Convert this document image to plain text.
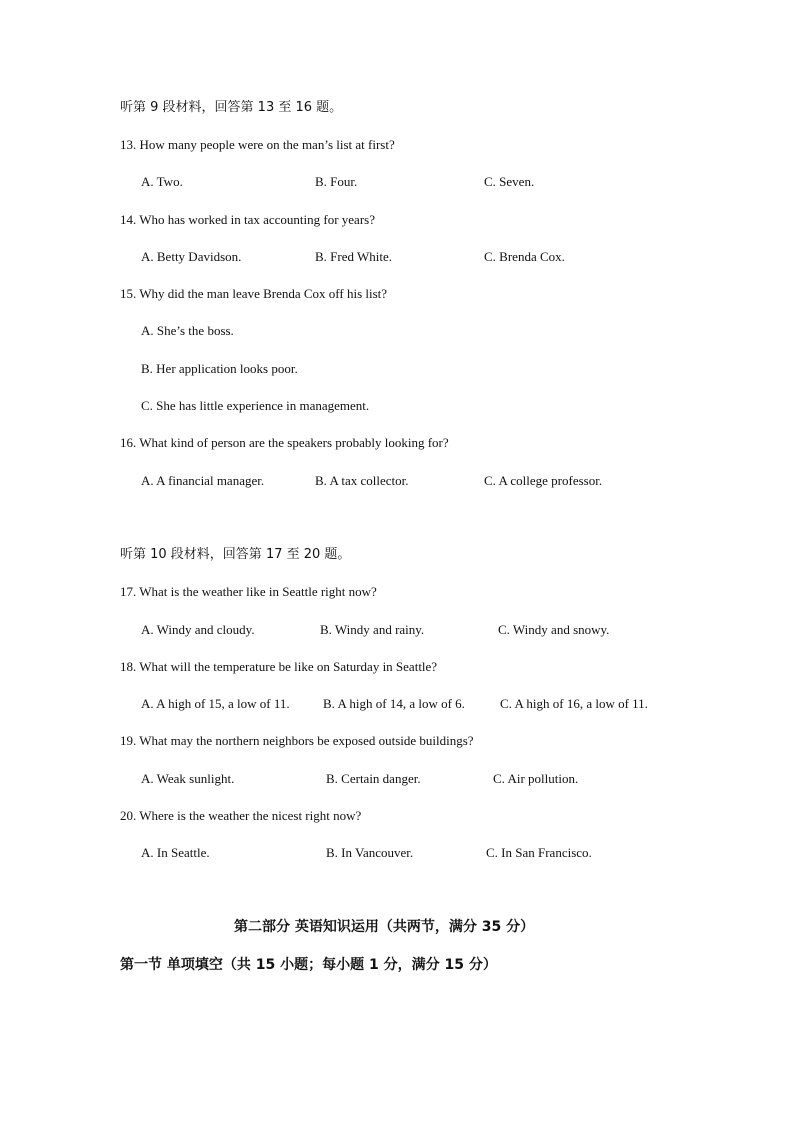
听第 9 段材料，回答第 13 至 16 题。
13. How many people were on the man’s list at first?
A. Two.	B. Four.	C. Seven.
14. Who has worked in tax accounting for years?
A. Betty Davidson.	B. Fred White.	C. Brenda Cox.
15. Why did the man leave Brenda Cox off his list?
A. She’s the boss.
B. Her application looks poor.
C. She has little experience in management.
16. What kind of person are the speakers probably looking for?
A. A financial manager.	B. A tax collector.	C. A college professor.
听第 10 段材料，回答第 17 至 20 题。
17. What is the weather like in Seattle right now?
A. Windy and cloudy.	B. Windy and rainy.	C. Windy and snowy.
18. What will the temperature be like on Saturday in Seattle?
A. A high of 15, a low of 11.	B. A high of 14, a low of 6.	C. A high of 16, a low of 11.
19. What may the northern neighbors be exposed outside buildings?
A. Weak sunlight.	B. Certain danger.	C. Air pollution.
20. Where is the weather the nicest right now?
A. In Seattle.	B. In Vancouver.	C. In San Francisco.
第二部分 英语知识运用（共两节，满分 35 分）
第一节 单项填空（共 15 小题；每小题 1 分，满分 15 分）
